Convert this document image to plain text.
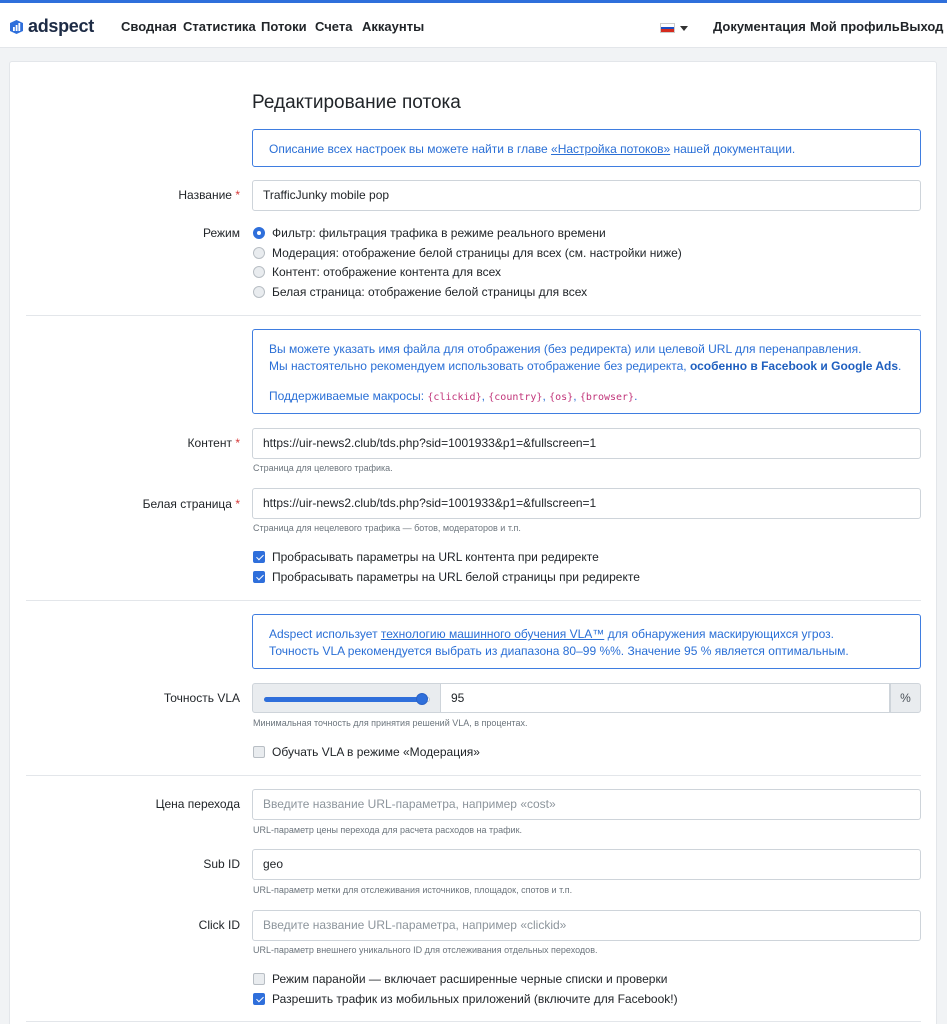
adspect Сводная Статистика Потоки Счета Аккаунты	Документация Мой профиль Выход
Редактирование потока
Описание всех настроек вы можете найти в главе «Настройка потоков» нашей документации.
Название *	TrafficJunky mobile pop
Режим	Фильтр: фильтрация трафика в режиме реального времени
Модерация: отображение белой страницы для всех (см. настройки ниже)
Контент: отображение контента для всех
Белая страница: отображение белой страницы для всех
Вы можете указать имя файла для отображения (без редиректа) или целевой URL для перенаправления.
Мы настоятельно рекомендуем использовать отображение без редиректа, особенно в Facebook и Google Ads.
Поддерживаемые макросы: {clickid}, {country}, {os}, {browser}.
Контент *	https://uir-news2.club/tds.php?sid=1001933&p1=&fullscreen=1
Страница для целевого трафика.
Белая страница *	https://uir-news2.club/tds.php?sid=1001933&p1=&fullscreen=1
Страница для нецелевого трафика — ботов, модераторов и т.п.
Пробрасывать параметры на URL контента при редиректе
Пробрасывать параметры на URL белой страницы при редиректе
Adspect использует технологию машинного обучения VLA™ для обнаружения маскирующихся угроз.
Точность VLA рекомендуется выбрать из диапазона 80–99 %%. Значение 95 % является оптимальным.
Точность VLA	95	%
Минимальная точность для принятия решений VLA, в процентах.
Обучать VLA в режиме «Модерация»
Цена перехода	Введите название URL-параметра, например «cost»
URL-параметр цены перехода для расчета расходов на трафик.
Sub ID	geo
URL-параметр метки для отслеживания источников, площадок, спотов и т.п.
Click ID	Введите название URL-параметра, например «clickid»
URL-параметр внешнего уникального ID для отслеживания отдельных переходов.
Режим паранойи — включает расширенные черные списки и проверки
Разрешить трафик из мобильных приложений (включите для Facebook!)
